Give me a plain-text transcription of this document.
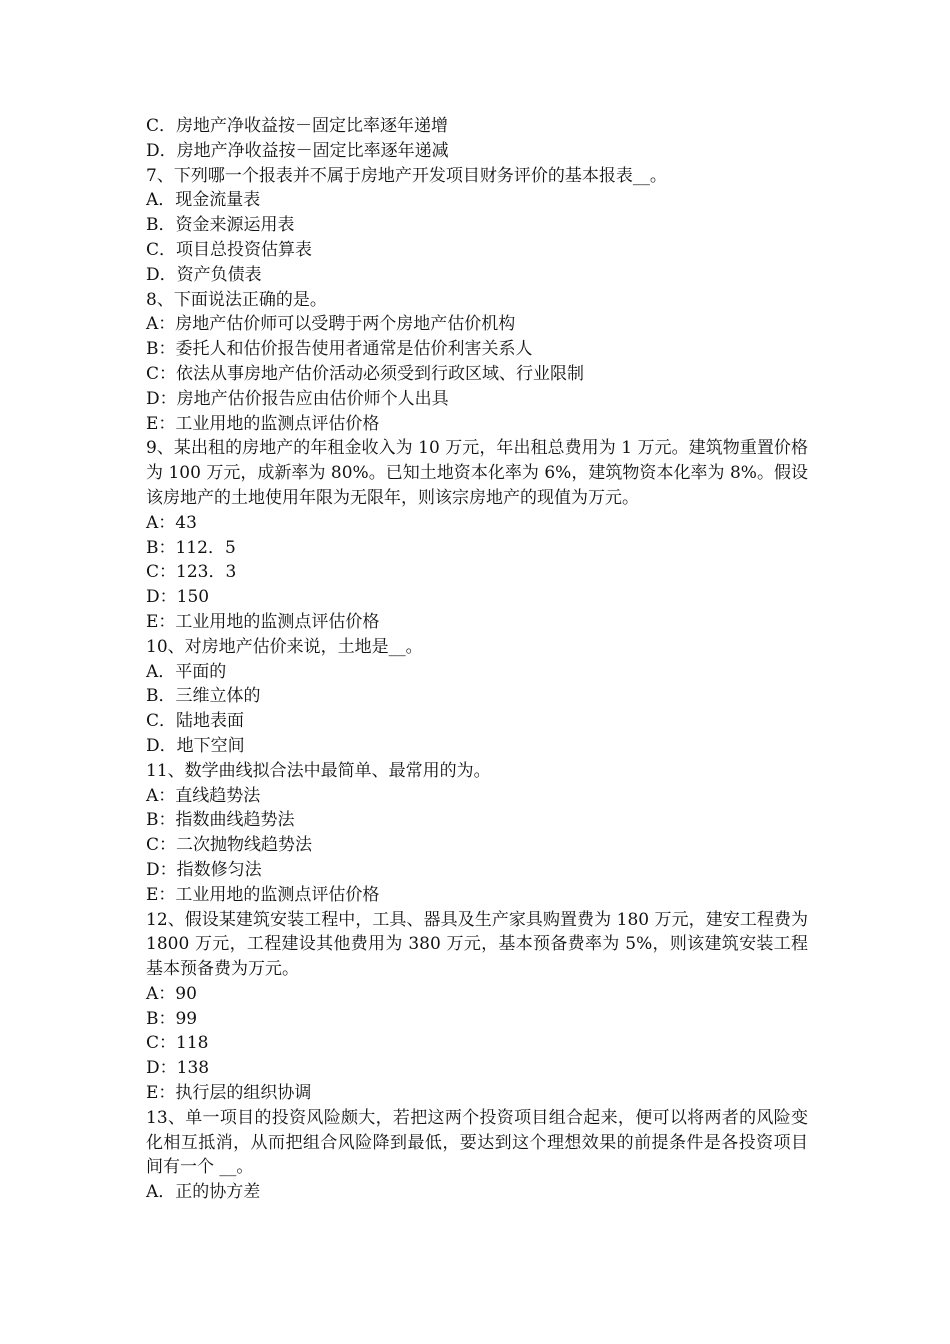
C．房地产净收益按－固定比率逐年递增
D．房地产净收益按－固定比率逐年递减
7、下列哪一个报表并不属于房地产开发项目财务评价的基本报表__。
A．现金流量表
B．资金来源运用表
C．项目总投资估算表
D．资产负债表
8、下面说法正确的是。
A：房地产估价师可以受聘于两个房地产估价机构
B：委托人和估价报告使用者通常是估价利害关系人
C：依法从事房地产估价活动必须受到行政区域、行业限制
D：房地产估价报告应由估价师个人出具
E：工业用地的监测点评估价格
9、某出租的房地产的年租金收入为 10 万元，年出租总费用为 1 万元。建筑物重置价格为 100 万元，成新率为 80%。已知土地资本化率为 6%，建筑物资本化率为 8%。假设该房地产的土地使用年限为无限年，则该宗房地产的现值为万元。
A：43
B：112．5
C：123．3
D：150
E：工业用地的监测点评估价格
10、对房地产估价来说，土地是__。
A．平面的
B．三维立体的
C．陆地表面
D．地下空间
11、数学曲线拟合法中最简单、最常用的为。
A：直线趋势法
B：指数曲线趋势法
C：二次抛物线趋势法
D：指数修匀法
E：工业用地的监测点评估价格
12、假设某建筑安装工程中，工具、器具及生产家具购置费为 180 万元，建安工程费为 1800 万元，工程建设其他费用为 380 万元，基本预备费率为 5%，则该建筑安装工程基本预备费为万元。
A：90
B：99
C：118
D：138
E：执行层的组织协调
13、单一项目的投资风险颇大，若把这两个投资项目组合起来，便可以将两者的风险变化相互抵消，从而把组合风险降到最低，要达到这个理想效果的前提条件是各投资项目间有一个 __。
A．正的协方差
